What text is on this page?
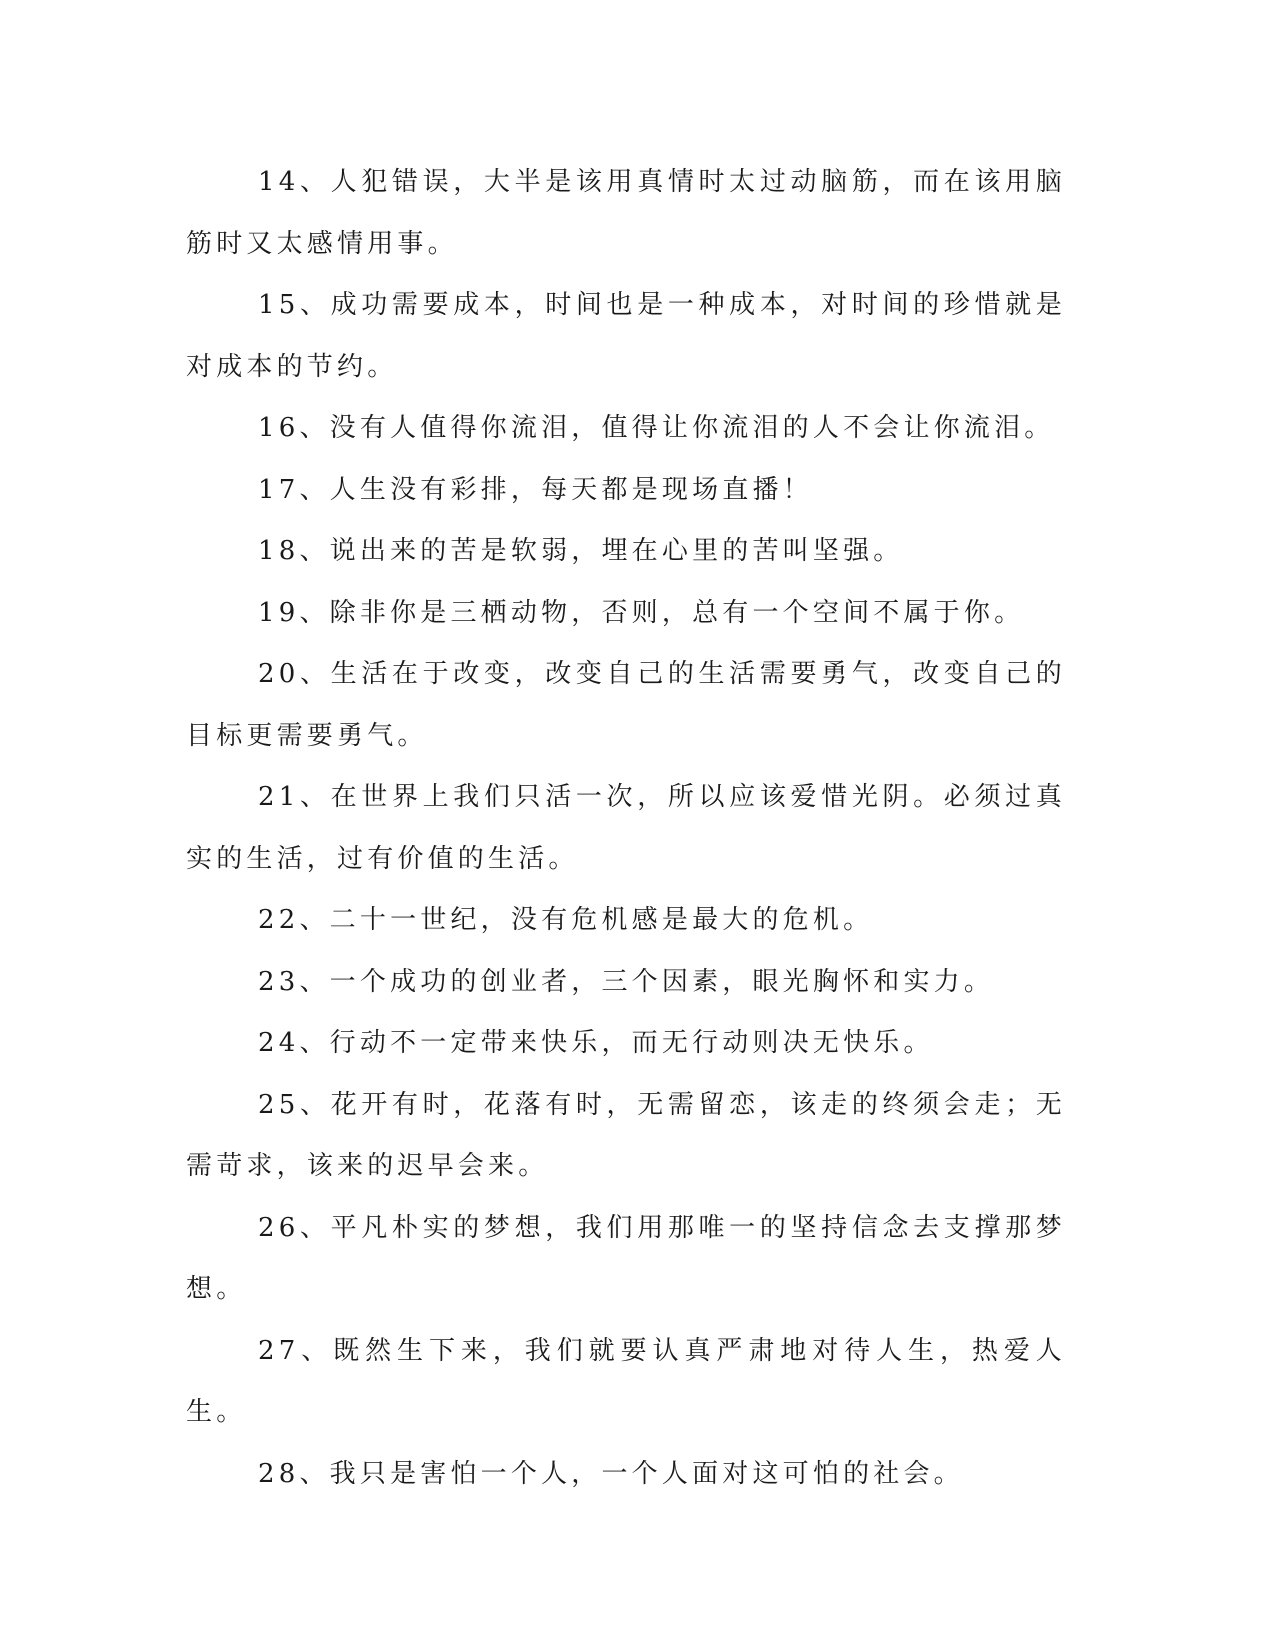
14、人犯错误，大半是该用真情时太过动脑筋，而在该用脑筋时又太感情用事。

15、成功需要成本，时间也是一种成本，对时间的珍惜就是对成本的节约。

16、没有人值得你流泪，值得让你流泪的人不会让你流泪。

17、人生没有彩排，每天都是现场直播！

18、说出来的苦是软弱，埋在心里的苦叫坚强。

19、除非你是三栖动物，否则，总有一个空间不属于你。

20、生活在于改变，改变自己的生活需要勇气，改变自己的目标更需要勇气。

21、在世界上我们只活一次，所以应该爱惜光阴。必须过真实的生活，过有价值的生活。

22、二十一世纪，没有危机感是最大的危机。

23、一个成功的创业者，三个因素，眼光胸怀和实力。

24、行动不一定带来快乐，而无行动则决无快乐。

25、花开有时，花落有时，无需留恋，该走的终须会走；无需苛求，该来的迟早会来。

26、平凡朴实的梦想，我们用那唯一的坚持信念去支撑那梦想。

27、既然生下来，我们就要认真严肃地对待人生，热爱人生。

28、我只是害怕一个人，一个人面对这可怕的社会。
